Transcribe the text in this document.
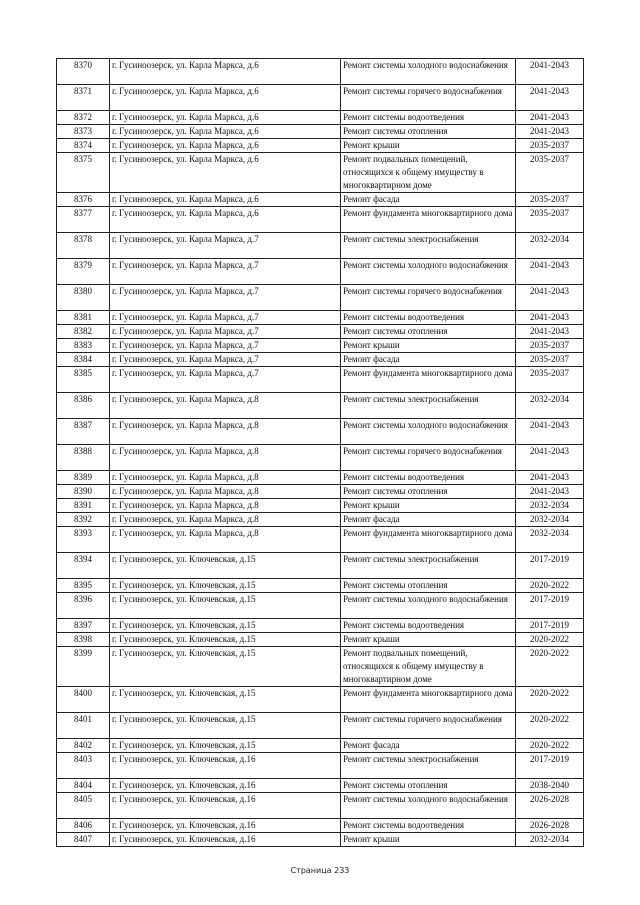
8370	г. Гусиноозерск, ул. Карла Маркса, д.6	Ремонт системы холодного водоснабжения	2041-2043
8371	г. Гусиноозерск, ул. Карла Маркса, д.6	Ремонт системы горячего водоснабжения	2041-2043
8372	г. Гусиноозерск, ул. Карла Маркса, д.6	Ремонт системы водоотведения	2041-2043
8373	г. Гусиноозерск, ул. Карла Маркса, д.6	Ремонт системы отопления	2041-2043
8374	г. Гусиноозерск, ул. Карла Маркса, д.6	Ремонт крыши	2035-2037
8375	г. Гусиноозерск, ул. Карла Маркса, д.6	Ремонт подвальных помещений, относящихся к общему имуществу в многоквартирном доме	2035-2037
8376	г. Гусиноозерск, ул. Карла Маркса, д.6	Ремонт фасада	2035-2037
8377	г. Гусиноозерск, ул. Карла Маркса, д.6	Ремонт фундамента многоквартирного дома	2035-2037
8378	г. Гусиноозерск, ул. Карла Маркса, д.7	Ремонт системы электроснабжения	2032-2034
8379	г. Гусиноозерск, ул. Карла Маркса, д.7	Ремонт системы холодного водоснабжения	2041-2043
8380	г. Гусиноозерск, ул. Карла Маркса, д.7	Ремонт системы горячего водоснабжения	2041-2043
8381	г. Гусиноозерск, ул. Карла Маркса, д.7	Ремонт системы водоотведения	2041-2043
8382	г. Гусиноозерск, ул. Карла Маркса, д.7	Ремонт системы отопления	2041-2043
8383	г. Гусиноозерск, ул. Карла Маркса, д.7	Ремонт крыши	2035-2037
8384	г. Гусиноозерск, ул. Карла Маркса, д.7	Ремонт фасада	2035-2037
8385	г. Гусиноозерск, ул. Карла Маркса, д.7	Ремонт фундамента многоквартирного дома	2035-2037
8386	г. Гусиноозерск, ул. Карла Маркса, д.8	Ремонт системы электроснабжения	2032-2034
8387	г. Гусиноозерск, ул. Карла Маркса, д.8	Ремонт системы холодного водоснабжения	2041-2043
8388	г. Гусиноозерск, ул. Карла Маркса, д.8	Ремонт системы горячего водоснабжения	2041-2043
8389	г. Гусиноозерск, ул. Карла Маркса, д.8	Ремонт системы водоотведения	2041-2043
8390	г. Гусиноозерск, ул. Карла Маркса, д.8	Ремонт системы отопления	2041-2043
8391	г. Гусиноозерск, ул. Карла Маркса, д.8	Ремонт крыши	2032-2034
8392	г. Гусиноозерск, ул. Карла Маркса, д.8	Ремонт фасада	2032-2034
8393	г. Гусиноозерск, ул. Карла Маркса, д.8	Ремонт фундамента многоквартирного дома	2032-2034
8394	г. Гусиноозерск, ул. Ключевская, д.15	Ремонт системы электроснабжения	2017-2019
8395	г. Гусиноозерск, ул. Ключевская, д.15	Ремонт системы отопления	2020-2022
8396	г. Гусиноозерск, ул. Ключевская, д.15	Ремонт системы холодного водоснабжения	2017-2019
8397	г. Гусиноозерск, ул. Ключевская, д.15	Ремонт системы водоотведения	2017-2019
8398	г. Гусиноозерск, ул. Ключевская, д.15	Ремонт крыши	2020-2022
8399	г. Гусиноозерск, ул. Ключевская, д.15	Ремонт подвальных помещений, относящихся к общему имуществу в многоквартирном доме	2020-2022
8400	г. Гусиноозерск, ул. Ключевская, д.15	Ремонт фундамента многоквартирного дома	2020-2022
8401	г. Гусиноозерск, ул. Ключевская, д.15	Ремонт системы горячего водоснабжения	2020-2022
8402	г. Гусиноозерск, ул. Ключевская, д.15	Ремонт фасада	2020-2022
8403	г. Гусиноозерск, ул. Ключевская, д.16	Ремонт системы электроснабжения	2017-2019
8404	г. Гусиноозерск, ул. Ключевская, д.16	Ремонт системы отопления	2038-2040
8405	г. Гусиноозерск, ул. Ключевская, д.16	Ремонт системы холодного водоснабжения	2026-2028
8406	г. Гусиноозерск, ул. Ключевская, д.16	Ремонт системы водоотведения	2026-2028
8407	г. Гусиноозерск, ул. Ключевская, д.16	Ремонт крыши	2032-2034
Страница 233
